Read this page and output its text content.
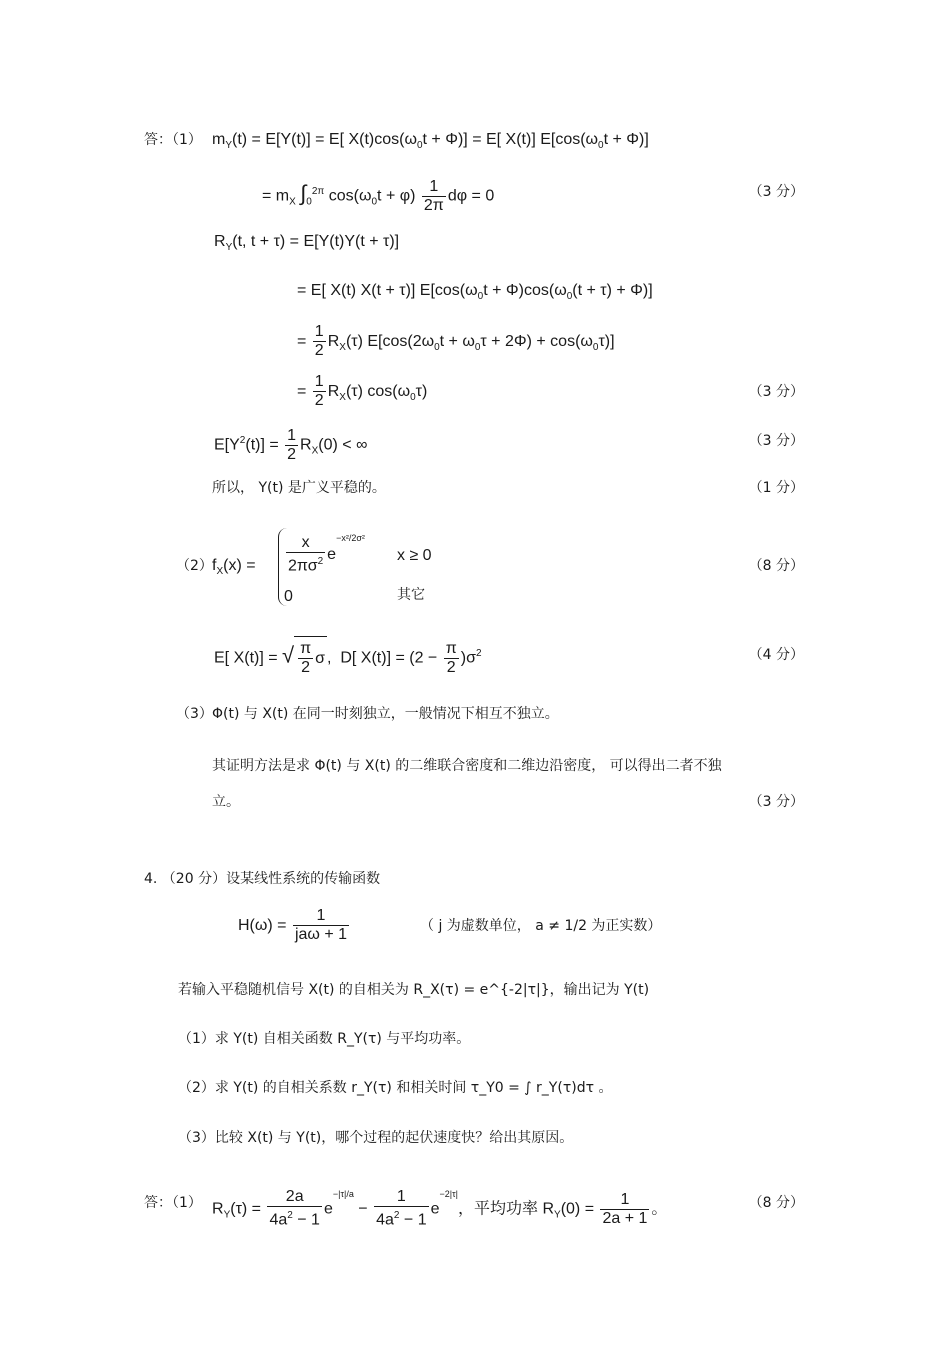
答：（1） $m_Y(t) = E[Y(t)] = E$[ $X(t)\cos(\omega_0t + \Phi)] = E$[ X(t)] $E[\cos(\omega_0t + \Phi)]$
= $m_X$ $\int_0^{2\pi}$ $\cos(\omega_0t + \varphi) \frac{1}{2\pi}$ dφ = 0	（3 分）
$R_Y(t$, t + τ) = E[Y(t)Y(t + τ)]
= E[ X(t) X(t + τ)] $E[\cos(\omega_0t + \Phi)\cos(\omega_0(t + \tau) + \Phi)]$
= $\frac{1}{2} R_X(\tau) E[\cos(2\omega_0t + \omega_0\tau + 2\Phi) + \cos(\omega_0\tau)]$
= $\frac{1}{2} R_X(\tau)$ $\cos(\omega_0\tau)$	（3 分）
$E[Y^2(t)] = \frac{1}{2} R_X(0)$ < ∞	（3 分）
所以， Y(t) 是广义平稳的。	（1 分）
（2） $f_X(x) = \frac{x}{2\pi\sigma^2} e^{-x^2/2\sigma^2}$
x ≥ 0
0	其它
（8 分）
E[ X(t)] = √ $\frac{\pi}{2}$ σ ,  D[ $X(t)] = (2 - \frac{\pi}{2} )\sigma^2$	（4 分）
（3） Φ(t) 与 X(t) 在同一时刻独立，一般情况下相互不独立。
其证明方法是求 Φ(t) 与 X(t) 的二维联合密度和二维边沿密度， 可以得出二者不独
立。	（3 分）
4. （20 分）设某线性系统的传输函数
H(ω) =
1
jaω + 1
（ j 为虚数单位， a ≠ 1/2 为正实数）
若输入平稳随机信号 X(t) 的自相关为 R_X(τ) = e^{-2|τ|}，输出记为 Y(t)
（1）求 Y(t) 自相关函数 R_Y(τ) 与平均功率。
（2）求 Y(t) 的自相关系数 r_Y(τ) 和相关时间 τ_Y0 = ∫ r_Y(τ)dτ 。
（3）比较 X(t) 与 Y(t)，哪个过程的起伏速度快？给出其原因。
答：（1） $R_Y(\tau) = \frac{2a}{4a^2 - 1} e^{-|\tau|/a} - \frac{1}{4a^2 - 1} e^{-2|\tau|}$，平均功率 $R_Y(0) = \frac{1}{2a + 1}$ 。	（8 分）
